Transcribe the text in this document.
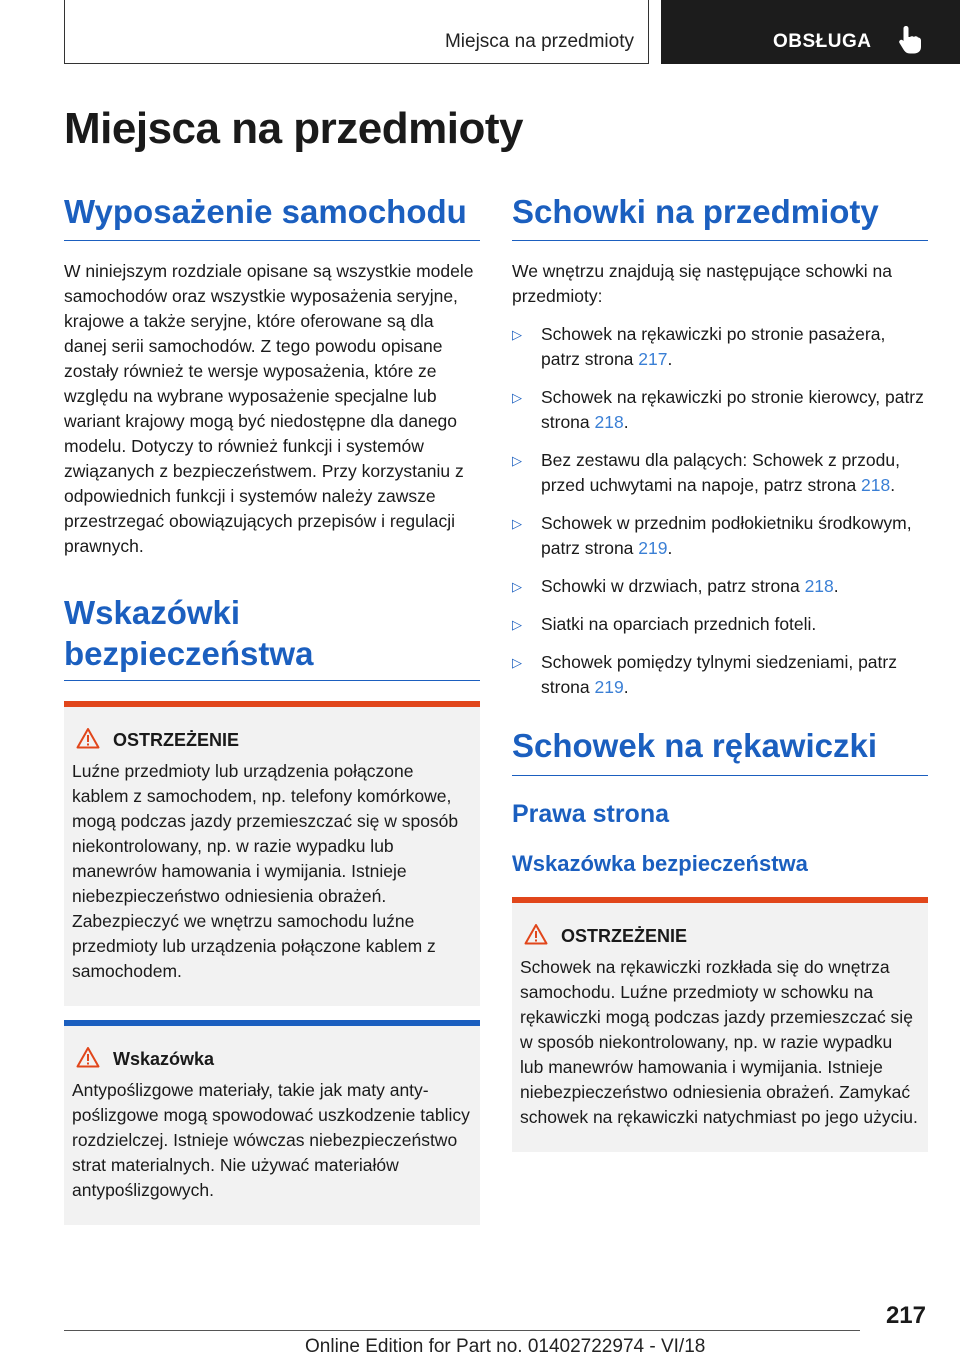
Miejsca na przedmioty	OBSŁUGA
Miejsca na przedmioty
Wyposażenie samochodu

W niniejszym rozdziale opisane są wszystkie modele samochodów oraz wszystkie wyposażenia seryjne, krajowe a także seryjne, które oferowane są dla danej serii samochodów. Z tego powodu opisane zostały również te wersje wyposażenia, które ze względu na wybrane wyposażenie specjalne lub wariant krajowy mogą być niedostępne dla danego modelu. Dotyczy to również funkcji i systemów związanych z bezpieczeństwem. Przy korzystaniu z odpowiednich funkcji i systemów należy zawsze przestrzegać obowiązujących przepisów i regulacji prawnych.

Wskazówki bezpieczeństwa
OSTRZEŻENIE

Luźne przedmioty lub urządzenia połączone kablem z samochodem, np. telefony komórkowe, mogą podczas jazdy przemieszczać się w sposób niekontrolowany, np. w razie wypadku lub manewrów hamowania i wymijania. Istnieje niebezpieczeństwo odniesienia obrażeń. Zabezpieczyć we wnętrzu samochodu luźne przedmioty lub urządzenia połączone kablem z samochodem.

Wskazówka

Antypoślizgowe materiały, takie jak maty antypoślizgowe mogą spowodować uszkodzenie tablicy rozdzielczej. Istnieje wówczas niebezpieczeństwo strat materialnych. Nie używać materiałów antypoślizgowych.

Schowki na przedmioty

We wnętrzu znajdują się następujące schowki na przedmioty:

▷ Schowek na rękawiczki po stronie pasażera, patrz strona 217.
▷ Schowek na rękawiczki po stronie kierowcy, patrz strona 218.
▷ Bez zestawu dla palących: Schowek z przodu, przed uchwytami na napoje, patrz strona 218.
▷ Schowek w przednim podłokietniku środkowym, patrz strona 219.
▷ Schowki w drzwiach, patrz strona 218.
▷ Siatki na oparciach przednich foteli.
▷ Schowek pomiędzy tylnymi siedzeniami, patrz strona 219.
Schowek na rękawiczki
Prawa strona
Wskazówka bezpieczeństwa
OSTRZEŻENIE

Schowek na rękawiczki rozkłada się do wnętrza samochodu. Luźne przedmioty w schowku na rękawiczki mogą podczas jazdy przemieszczać się w sposób niekontrolowany, np. w razie wypadku lub manewrów hamowania i wymijania. Istnieje niebezpieczeństwo odniesienia obrażeń. Zamykać schowek na rękawiczki natychmiast po jego użyciu.

217
Online Edition for Part no. 01402722974 - VI/18
